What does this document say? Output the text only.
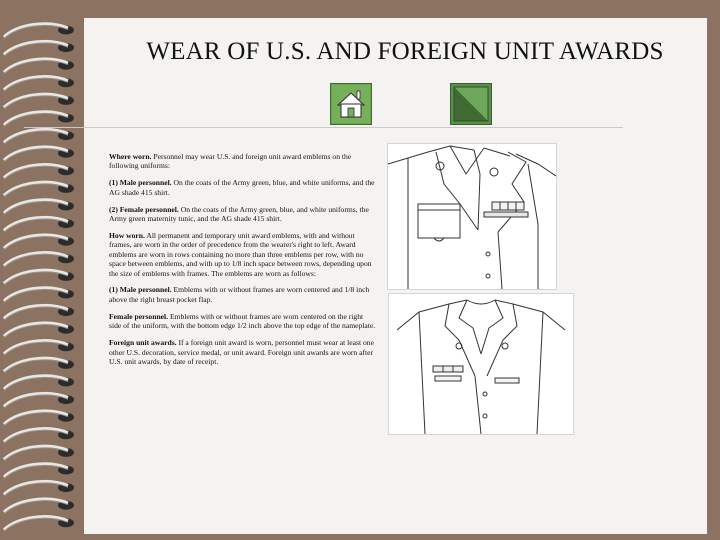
WEAR OF U.S. AND FOREIGN UNIT AWARDS

Where worn. Personnel may wear U.S. and foreign unit award emblems on the following uniforms:

(1) Male personnel. On the coats of the Army green, blue, and white uniforms, and the AG shade 415 shirt.

(2) Female personnel. On the coats of the Army green, blue, and white uniforms, the Army green maternity tunic, and the AG shade 415 shirt.

How worn. All permanent and temporary unit award emblems, with and without frames, are worn in the order of precedence from the wearer's right to left. Award emblems are worn in rows containing no more than three emblems per row, with no space between emblems, and with up to 1/8 inch space between rows, depending upon the size of emblems with frames. The emblems are worn as follows:

(1) Male personnel. Emblems with or without frames are worn centered and 1/8 inch above the right breast pocket flap.

Female personnel. Emblems with or without frames are worn centered on the right side of the uniform, with the bottom edge 1/2 inch above the top edge of the nameplate.

Foreign unit awards. If a foreign unit award is worn, personnel must wear at least one other U.S. decoration, service medal, or unit award. Foreign unit awards are worn after U.S. unit awards, by date of receipt.
